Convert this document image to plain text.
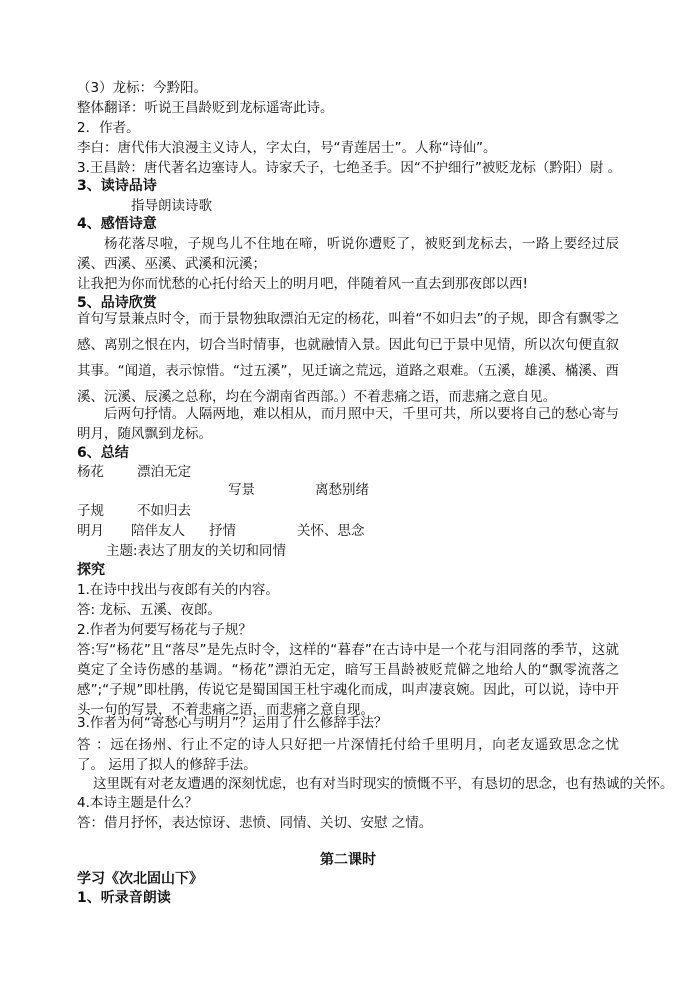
（3）龙标：今黔阳。
整体翻译：听说王昌龄贬到龙标遥寄此诗。
2．作者。
李白：唐代伟大浪漫主义诗人，字太白，号“青莲居士”。人称“诗仙”。
3.王昌龄：唐代著名边塞诗人。诗家夭子，七绝圣手。因“不护细行”被贬龙标（黔阳）尉 。
3、读诗品诗
指导朗读诗歌
4、感悟诗意
杨花落尽啦，子规鸟儿不住地在啼，听说你遭贬了，被贬到龙标去，一路上要经过辰溪、西溪、巫溪、武溪和沅溪；
让我把为你而忧愁的心托付给天上的明月吧，伴随着风一直去到那夜郎以西!
5、品诗欣赏
首句写景兼点时令，而于景物独取漂泊无定的杨花，叫着“不如归去”的子规，即含有飘零之感、离别之恨在内，切合当时情事，也就融情入景。因此句已于景中见情，所以次句便直叙其事。“闻道，表示惊惜。“过五溪”，见迁谪之荒远，道路之艰难。（五溪，雄溪、樠溪、酉溪、沅溪、辰溪之总称，均在今湖南省西部。）不着悲痛之语，而悲痛之意自见。
后两句抒情。人隔两地，难以相从，而月照中天，千里可共，所以要将自己的愁心寄与明月，随风飘到龙标。
6、总结
杨花 漂泊无定
写景	离愁别绪
子规 不如归去
明月 陪伴友人 抒情	关怀、思念
主题:表达了朋友的关切和同情
探究
1.在诗中找出与夜郎有关的内容。
答: 龙标、五溪、夜郎。
2.作者为何要写杨花与子规？
答:写“杨花”且“落尽”是先点时令，这样的“暮春”在古诗中是一个花与泪同落的季节，这就奠定了全诗伤感的基调。“杨花”漂泊无定，暗写王昌龄被贬荒僻之地给人的“飘零流落之感”;“子规”即杜鹃，传说它是蜀国国王杜宇魂化而成，叫声凄哀婉。因此，可以说，诗中开头一句的写景，不着悲痛之语，而悲痛之意自现。
3.作者为何“寄愁心与明月”？运用了什么修辞手法？
答 ：远在扬州、行止不定的诗人只好把一片深情托付给千里明月，向老友遥致思念之忧了。 运用了拟人的修辞手法。
这里既有对老友遭遇的深刻忧虑，也有对当时现实的愤慨不平，有恳切的思念，也有热诚的关怀。
4.本诗主题是什么？
答：借月抒怀，表达惊讶、悲愤、同情、关切、安慰 之情。
第二课时
学习《次北固山下》
1、听录音朗读
